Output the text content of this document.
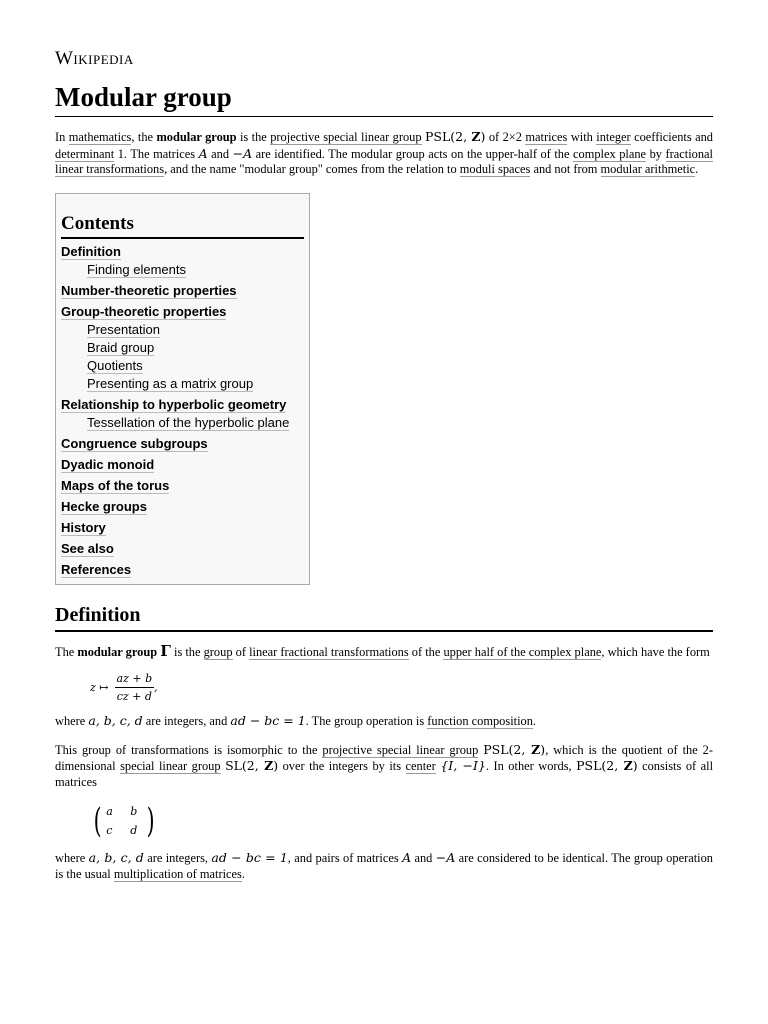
Wikipedia
Modular group

In mathematics, the modular group is the projective special linear group PSL(2, Z) of 2×2 matrices with integer coefficients and determinant 1. The matrices A and −A are identified. The modular group acts on the upper-half of the complex plane by fractional linear transformations, and the name "modular group" comes from the relation to moduli spaces and not from modular arithmetic.

Contents
Definition
Finding elements
Number-theoretic properties
Group-theoretic properties
Presentation
Braid group
Quotients
Presenting as a matrix group
Relationship to hyperbolic geometry
Tessellation of the hyperbolic plane
Congruence subgroups
Dyadic monoid
Maps of the torus
Hecke groups
History
See also
References
Definition

The modular group Γ is the group of linear fractional transformations of the upper half of the complex plane, which have the form

z ↦ $\frac{az + b}{cz + d}$ ,

where a, b, c, d are integers, and ad − bc = 1. The group operation is function composition.

This group of transformations is isomorphic to the projective special linear group PSL(2, Z), which is the quotient of the 2-dimensional special linear group SL(2, Z) over the integers by its center {I, −I}. In other words, PSL(2, Z) consists of all matrices

( a	b
c	d )

where a, b, c, d are integers, ad − bc = 1, and pairs of matrices A and −A are considered to be identical. The group operation is the usual multiplication of matrices.
